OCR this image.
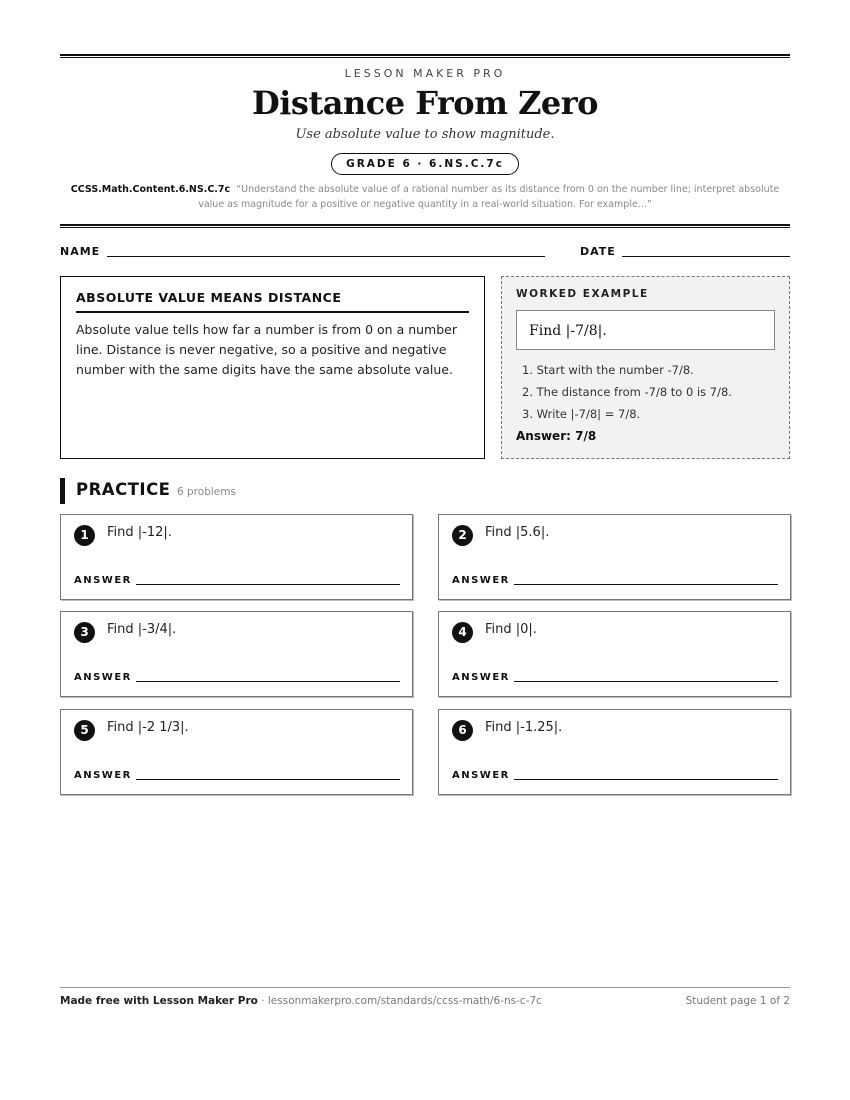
LESSON MAKER PRO
Distance From Zero
Use absolute value to show magnitude.
GRADE 6 · 6.NS.C.7c
CCSS.Math.Content.6.NS.C.7c “Understand the absolute value of a rational number as its distance from 0 on the number line; interpret absolute value as magnitude for a positive or negative quantity in a real-world situation. For example...”
NAME	DATE
ABSOLUTE VALUE MEANS DISTANCE
Absolute value tells how far a number is from 0 on a number line. Distance is never negative, so a positive and negative number with the same digits have the same absolute value.
WORKED EXAMPLE
Find |-7/8|.
1. Start with the number -7/8.
2. The distance from -7/8 to 0 is 7/8.
3. Write |-7/8| = 7/8.
Answer: 7/8
PRACTICE 6 problems
1	Find |-12|.
ANSWER
2	Find |5.6|.
ANSWER
3	Find |-3/4|.
ANSWER
4	Find |0|.
ANSWER
5	Find |-2 1/3|.
ANSWER
6	Find |-1.25|.
ANSWER
Made free with Lesson Maker Pro · lessonmakerpro.com/standards/ccss-math/6-ns-c-7c	Student page 1 of 2
